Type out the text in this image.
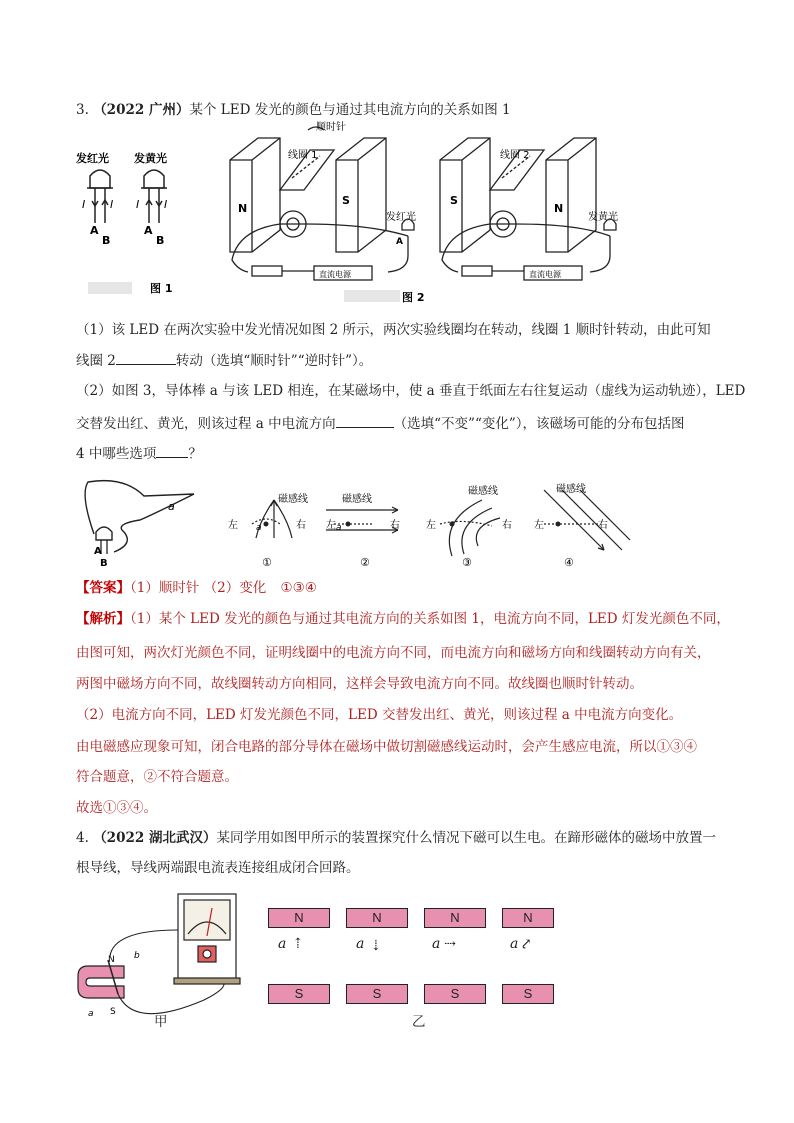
3. （2022 广州）某个 LED 发光的颜色与通过其电流方向的关系如图 1
发红光 发黄光
I I
A
B
I I
A
B
图 1
顺时针
线圈 1
N
S
发红光
A
直流电源
线圈 2
S
N
发黄光
直流电源
图 2
（1）该 LED 在两次实验中发光情况如图 2 所示，两次实验线圈均在转动，线圈 1 顺时针转动，由此可知
线圈 2	转动（选填“顺时针”“逆时针”）。
（2）如图 3，导体棒 a 与该 LED 相连，在某磁场中，使 a 垂直于纸面左右往复运动（虚线为运动轨迹），LED
交替发出红、黄光，则该过程 a 中电流方向	（选填“不变”“变化”），该磁场可能的分布包括图
4 中哪些选项 ？
a
A
B
磁感线
左	右
a
①
磁感线
左	右
a
②
磁感线
左	右
③
磁感线
左	右
④
【答案】（1）顺时针 （2）变化 ①③④
【解析】（1）某个 LED 发光的颜色与通过其电流方向的关系如图 1，电流方向不同，LED 灯发光颜色不同，
由图可知，两次灯光颜色不同，证明线圈中的电流方向不同，而电流方向和磁场方向和线圈转动方向有关，
两图中磁场方向不同，故线圈转动方向相同，这样会导致电流方向不同。故线圈也顺时针转动。
（2）电流方向不同，LED 灯发光颜色不同，LED 交替发出红、黄光，则该过程 a 中电流方向变化。
由电磁感应现象可知，闭合电路的部分导体在磁场中做切割磁感线运动时，会产生感应电流，所以①③④
符合题意，②不符合题意。
故选①③④。
4. （2022 湖北武汉）某同学用如图甲所示的装置探究什么情况下磁可以生电。在蹄形磁体的磁场中放置一
根导线，导线两端跟电流表连接组成闭合回路。
N
S
b
a	甲
N
a ⇡
S
N
a ⇣
S
N
a ⇢
S
N
a ⤤
S
乙
